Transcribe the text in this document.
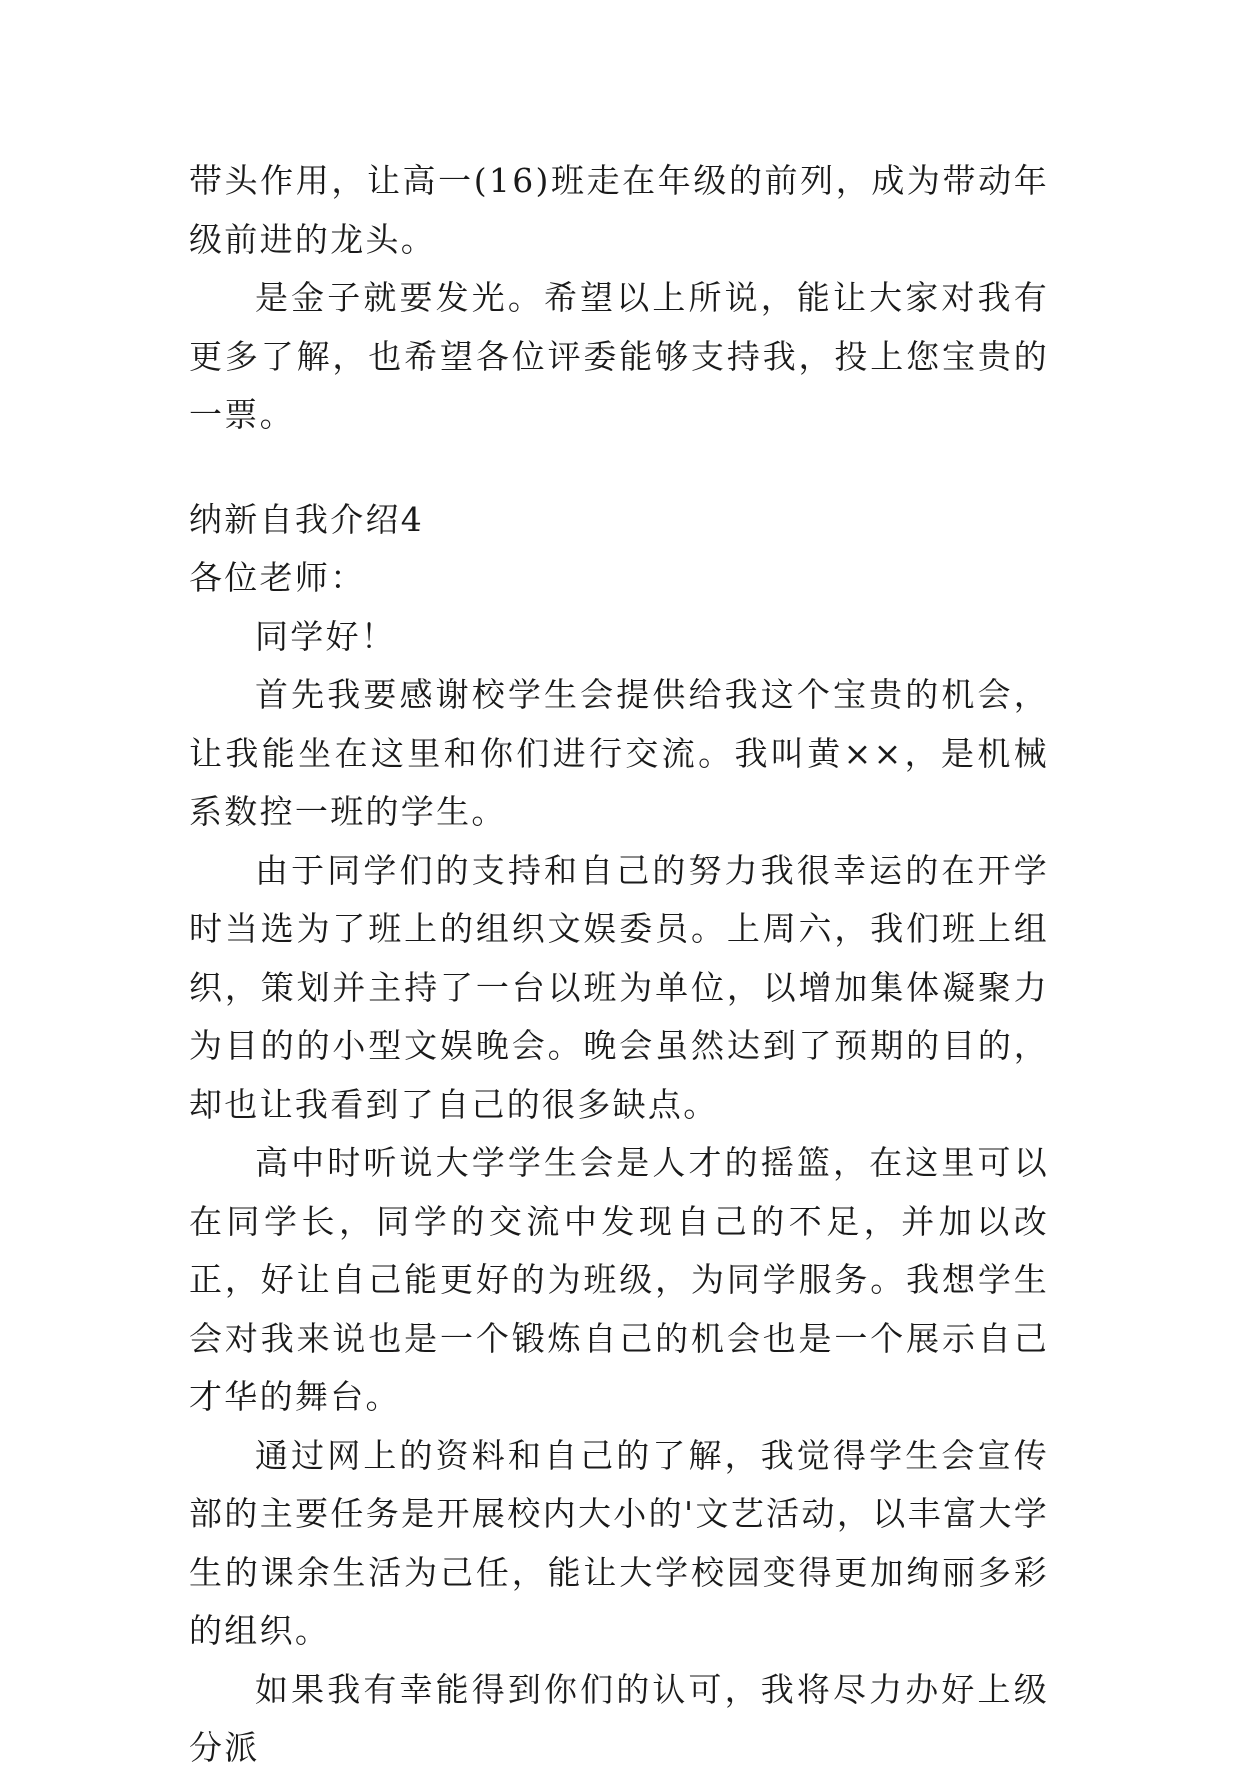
带头作用，让高一(16)班走在年级的前列，成为带动年级前进的龙头。

是金子就要发光。希望以上所说，能让大家对我有更多了解，也希望各位评委能够支持我，投上您宝贵的一票。

纳新自我介绍4

各位老师：

同学好！

首先我要感谢校学生会提供给我这个宝贵的机会，让我能坐在这里和你们进行交流。我叫黄××，是机械系数控一班的学生。

由于同学们的支持和自己的努力我很幸运的在开学时当选为了班上的组织文娱委员。上周六，我们班上组织，策划并主持了一台以班为单位，以增加集体凝聚力为目的的小型文娱晚会。晚会虽然达到了预期的目的，却也让我看到了自己的很多缺点。

高中时听说大学学生会是人才的摇篮，在这里可以在同学长，同学的交流中发现自己的不足，并加以改正，好让自己能更好的为班级，为同学服务。我想学生会对我来说也是一个锻炼自己的机会也是一个展示自己才华的舞台。

通过网上的资料和自己的了解，我觉得学生会宣传部的主要任务是开展校内大小的'文艺活动，以丰富大学生的课余生活为己任，能让大学校园变得更加绚丽多彩的组织。

如果我有幸能得到你们的认可，我将尽力办好上级分派
